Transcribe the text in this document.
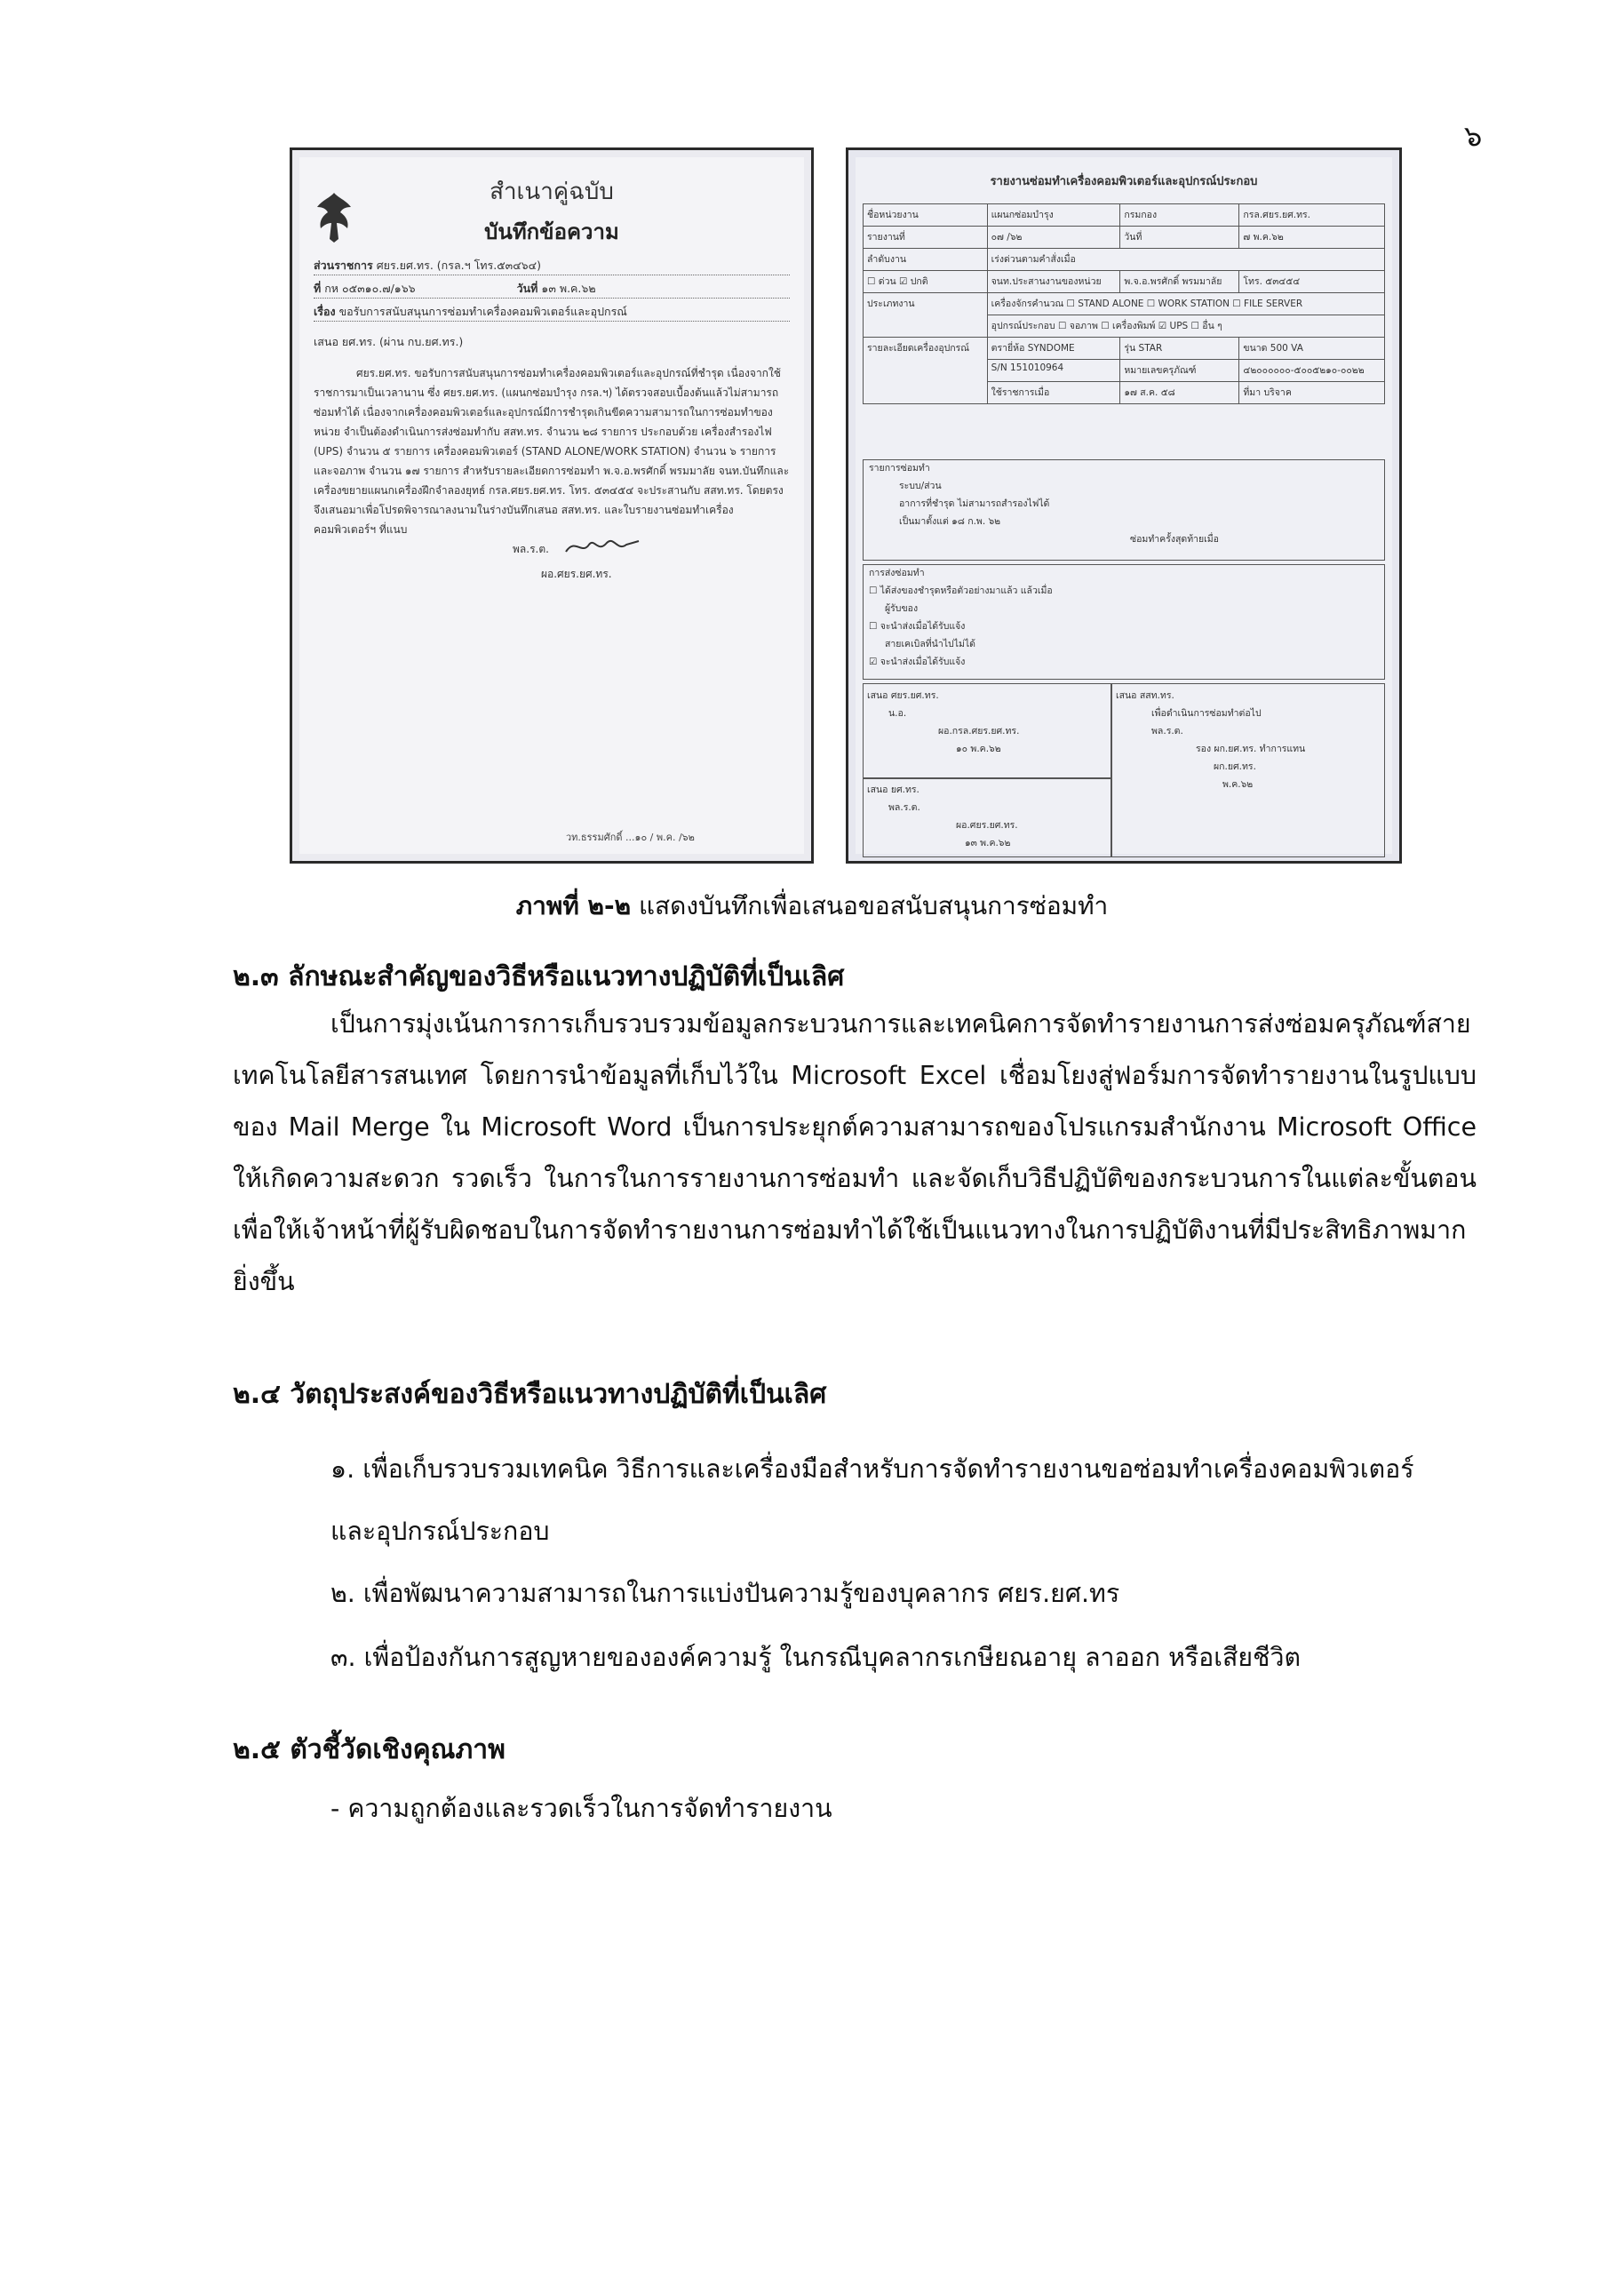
๖
สำเนาคู่ฉบับ
บันทึกข้อความ
ส่วนราชการ ศยร.ยศ.ทร. (กรล.ฯ โทร.๕๓๔๖๔)
ที่ กห ๐๕๓๑๐.๗/๑๖๖	วันที่ ๑๓ พ.ค.๖๒
เรื่อง ขอรับการสนับสนุนการซ่อมทำเครื่องคอมพิวเตอร์และอุปกรณ์
เสนอ ยศ.ทร. (ผ่าน กบ.ยศ.ทร.)
ศยร.ยศ.ทร. ขอรับการสนับสนุนการซ่อมทำเครื่องคอมพิวเตอร์และอุปกรณ์ที่ชำรุด เนื่องจากใช้ราชการมาเป็นเวลานาน ซึ่ง ศยร.ยศ.ทร. (แผนกซ่อมบำรุง กรล.ฯ) ได้ตรวจสอบเบื้องต้นแล้วไม่สามารถซ่อมทำได้ เนื่องจากเครื่องคอมพิวเตอร์และอุปกรณ์มีการชำรุดเกินขีดความสามารถในการซ่อมทำของหน่วย จำเป็นต้องดำเนินการส่งซ่อมทำกับ สสท.ทร. จำนวน ๒๘ รายการ ประกอบด้วย เครื่องสำรองไฟ (UPS) จำนวน ๕ รายการ เครื่องคอมพิวเตอร์ (STAND ALONE/WORK STATION) จำนวน ๖ รายการ และจอภาพ จำนวน ๑๗ รายการ สำหรับรายละเอียดการซ่อมทำ พ.จ.อ.พรศักดิ์ พรมมาลัย จนท.บันทึกและเครื่องขยายแผนกเครื่องฝึกจำลองยุทธ์ กรล.ศยร.ยศ.ทร. โทร. ๕๓๔๕๔ จะประสานกับ สสท.ทร. โดยตรง
จึงเสนอมาเพื่อโปรดพิจารณาลงนามในร่างบันทึกเสนอ สสท.ทร. และใบรายงานซ่อมทำเครื่องคอมพิวเตอร์ฯ ที่แนบ
พล.ร.ต.
ผอ.ศยร.ยศ.ทร.
วท.ธรรมศักดิ์ ...๑๐ / พ.ค. /๖๒
รายงานซ่อมทำเครื่องคอมพิวเตอร์และอุปกรณ์ประกอบ
ชื่อหน่วยงาน	แผนกซ่อมบำรุง	กรมกอง	กรล.ศยร.ยศ.ทร.
รายงานที่	๐๗ /๖๒	วันที่	๗ พ.ค.๖๒
ลำดับงาน	เร่งด่วนตามคำสั่งเมื่อ		
☐ ด่วน ☑ ปกติ	จนท.ประสานงานของหน่วย	พ.จ.อ.พรศักดิ์ พรมมาลัย	โทร. ๕๓๔๕๔
ประเภทงาน	เครื่องจักรคำนวณ ☐ STAND ALONE ☐ WORK STATION ☐ FILE SERVER		
	อุปกรณ์ประกอบ ☐ จอภาพ ☐ เครื่องพิมพ์ ☑ UPS ☐ อื่น ๆ		
รายละเอียดเครื่องอุปกรณ์	ตรายี่ห้อ SYNDOME	รุ่น STAR	ขนาด 500 VA
	S/N 151010964	หมายเลขครุภัณฑ์	๔๒๐๐๐๐๐๐-๕๐๐๕๒๑๐-๐๐๒๒
	ใช้ราชการเมื่อ	๑๗ ส.ค. ๕๘	ที่มา บริจาค
รายการซ่อมทำ
ระบบ/ส่วน
อาการที่ชำรุด ไม่สามารถสำรองไฟได้
เป็นมาตั้งแต่ ๑๘ ก.พ. ๖๒
ซ่อมทำครั้งสุดท้ายเมื่อ
การส่งซ่อมทำ
☐ ได้ส่งของชำรุดหรือตัวอย่างมาแล้ว แล้วเมื่อ
ผู้รับของ
☐ จะนำส่งเมื่อได้รับแจ้ง
สายเคเบิลที่นำไปไม่ได้
☑ จะนำส่งเมื่อได้รับแจ้ง
เสนอ ศยร.ยศ.ทร.
น.อ.
ผอ.กรล.ศยร.ยศ.ทร.
๑๐ พ.ค.๖๒
เสนอ ยศ.ทร.
พล.ร.ต.
ผอ.ศยร.ยศ.ทร.
๑๓ พ.ค.๖๒
เสนอ สสท.ทร.
เพื่อดำเนินการซ่อมทำต่อไป
พล.ร.ต.
รอง ผก.ยศ.ทร. ทำการแทน
ผก.ยศ.ทร.
พ.ค.๖๒
ภาพที่ ๒-๒ แสดงบันทึกเพื่อเสนอขอสนับสนุนการซ่อมทำ
๒.๓ ลักษณะสำคัญของวิธีหรือแนวทางปฏิบัติที่เป็นเลิศ
เป็นการมุ่งเน้นการการเก็บรวบรวมข้อมูลกระบวนการและเทคนิคการจัดทำรายงานการส่งซ่อมครุภัณฑ์สายเทคโนโลยีสารสนเทศ โดยการนำข้อมูลที่เก็บไว้ใน Microsoft Excel เชื่อมโยงสู่ฟอร์มการจัดทำรายงานในรูปแบบของ Mail Merge ใน Microsoft Word เป็นการประยุกต์ความสามารถของโปรแกรมสำนักงาน Microsoft Office ให้เกิดความสะดวก รวดเร็ว ในการในการรายงานการซ่อมทำ และจัดเก็บวิธีปฏิบัติของกระบวนการในแต่ละขั้นตอน เพื่อให้เจ้าหน้าที่ผู้รับผิดชอบในการจัดทำรายงานการซ่อมทำได้ใช้เป็นแนวทางในการปฏิบัติงานที่มีประสิทธิภาพมากยิ่งขึ้น
๒.๔ วัตถุประสงค์ของวิธีหรือแนวทางปฏิบัติที่เป็นเลิศ
๑. เพื่อเก็บรวบรวมเทคนิค วิธีการและเครื่องมือสำหรับการจัดทำรายงานขอซ่อมทำเครื่องคอมพิวเตอร์
และอุปกรณ์ประกอบ
๒. เพื่อพัฒนาความสามารถในการแบ่งปันความรู้ของบุคลากร ศยร.ยศ.ทร
๓. เพื่อป้องกันการสูญหายขององค์ความรู้ ในกรณีบุคลากรเกษียณอายุ ลาออก หรือเสียชีวิต
๒.๕ ตัวชี้วัดเชิงคุณภาพ
- ความถูกต้องและรวดเร็วในการจัดทำรายงาน
